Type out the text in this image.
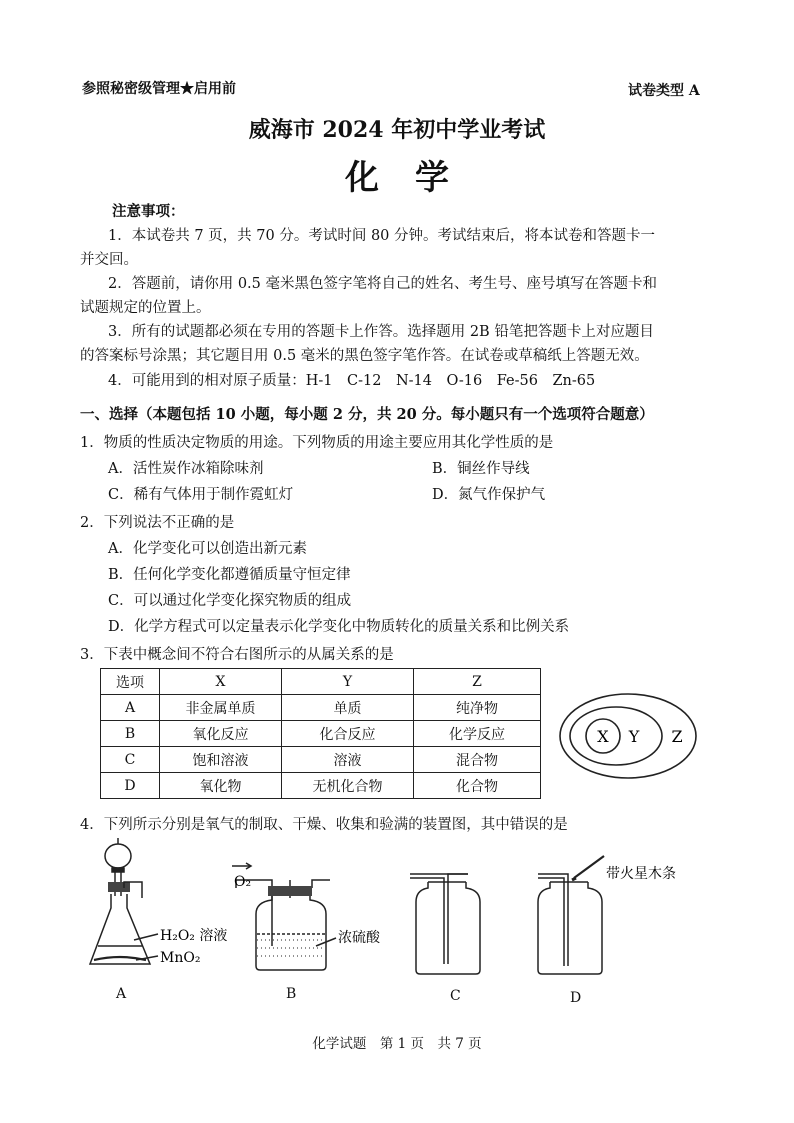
参照秘密级管理★启用前	试卷类型 A
威海市 2024 年初中学业考试
化学
注意事项：
1．本试卷共 7 页，共 70 分。考试时间 80 分钟。考试结束后，将本试卷和答题卡一
并交回。
2．答题前，请你用 0.5 毫米黑色签字笔将自己的姓名、考生号、座号填写在答题卡和
试题规定的位置上。
3．所有的试题都必须在专用的答题卡上作答。选择题用 2B 铅笔把答题卡上对应题目
的答案标号涂黑；其它题目用 0.5 毫米的黑色签字笔作答。在试卷或草稿纸上答题无效。
4．可能用到的相对原子质量：H-1　C-12　N-14　O-16　Fe-56　Zn-65
一、选择（本题包括 10 小题，每小题 2 分，共 20 分。每小题只有一个选项符合题意）
1．物质的性质决定物质的用途。下列物质的用途主要应用其化学性质的是
A．活性炭作冰箱除味剂	B．铜丝作导线
C．稀有气体用于制作霓虹灯	D．氮气作保护气
2．下列说法不正确的是
A．化学变化可以创造出新元素
B．任何化学变化都遵循质量守恒定律
C．可以通过化学变化探究物质的组成
D．化学方程式可以定量表示化学变化中物质转化的质量关系和比例关系
3．下表中概念间不符合右图所示的从属关系的是
选项	X	Y	Z
A	非金属单质	单质	纯净物
B	氧化反应	化合反应	化学反应
C	饱和溶液	溶液	混合物
D	氧化物	无机化合物	化合物
X Y Z
4．下列所示分别是氧气的制取、干燥、收集和验满的装置图，其中错误的是
H₂O₂ 溶液
MnO₂
O₂
浓硫酸
带火星木条
A	B	C	D
化学试题　第 1 页　共 7 页
